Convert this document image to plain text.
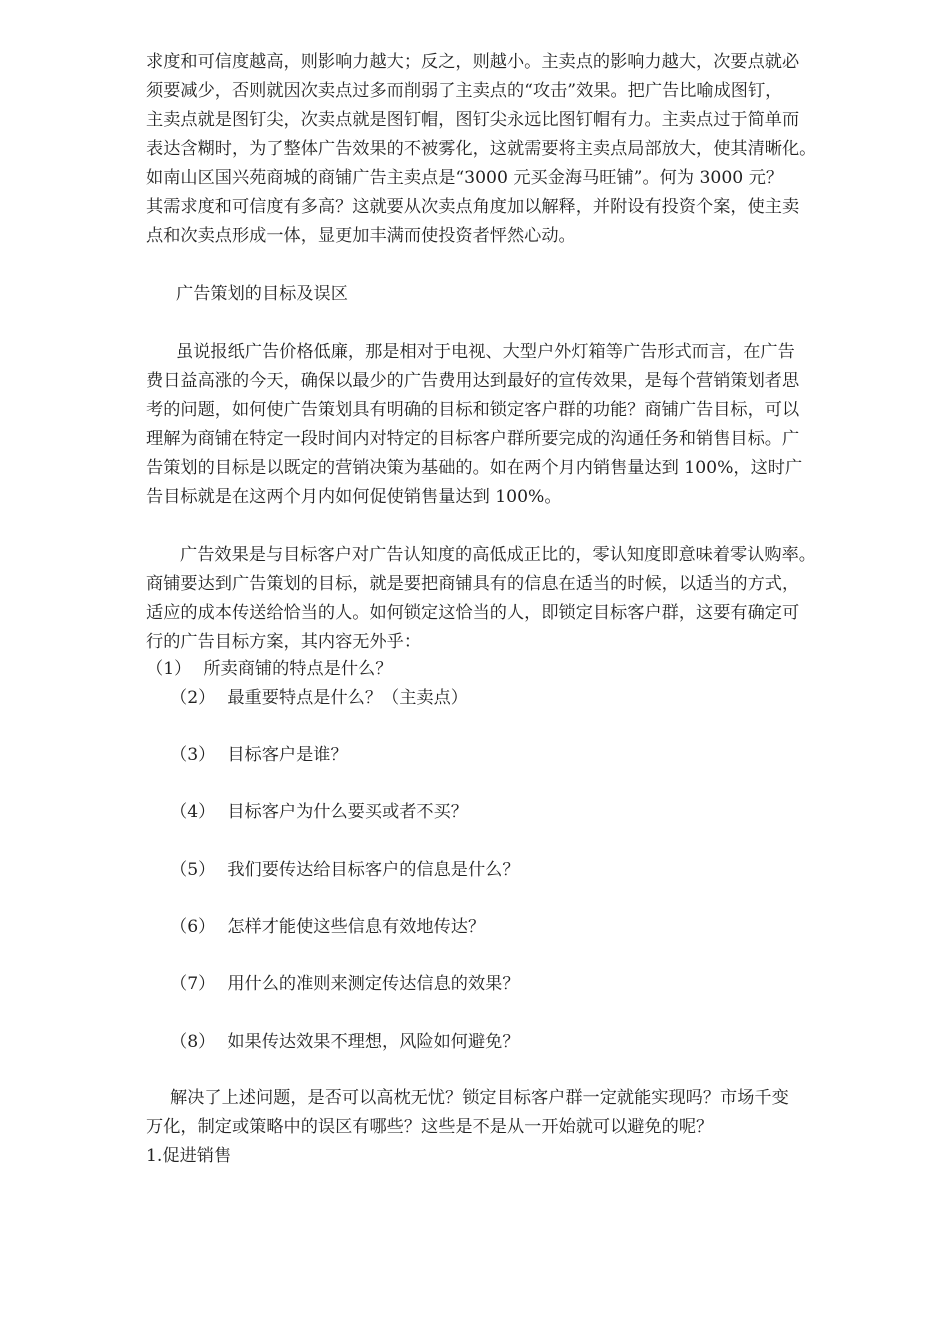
求度和可信度越高，则影响力越大；反之，则越小。主卖点的影响力越大，次要点就必
须要减少，否则就因次卖点过多而削弱了主卖点的“攻击”效果。把广告比喻成图钉，
主卖点就是图钉尖，次卖点就是图钉帽，图钉尖永远比图钉帽有力。主卖点过于简单而
表达含糊时，为了整体广告效果的不被雾化，这就需要将主卖点局部放大，使其清晰化。
如南山区国兴苑商城的商铺广告主卖点是“3000 元买金海马旺铺”。何为 3000 元？
其需求度和可信度有多高？这就要从次卖点角度加以解释，并附设有投资个案，使主卖
点和次卖点形成一体，显更加丰满而使投资者怦然心动。
广告策划的目标及误区
虽说报纸广告价格低廉，那是相对于电视、大型户外灯箱等广告形式而言，在广告
费日益高涨的今天，确保以最少的广告费用达到最好的宣传效果，是每个营销策划者思
考的问题，如何使广告策划具有明确的目标和锁定客户群的功能？商铺广告目标，可以
理解为商铺在特定一段时间内对特定的目标客户群所要完成的沟通任务和销售目标。广
告策划的目标是以既定的营销决策为基础的。如在两个月内销售量达到 100%，这时广
告目标就是在这两个月内如何促使销售量达到 100%。
广告效果是与目标客户对广告认知度的高低成正比的，零认知度即意味着零认购率。
商铺要达到广告策划的目标，就是要把商铺具有的信息在适当的时候，以适当的方式，
适应的成本传送给恰当的人。如何锁定这恰当的人，即锁定目标客户群，这要有确定可
行的广告目标方案，其内容无外乎：
（1） 所卖商铺的特点是什么？
（2） 最重要特点是什么？（主卖点）
（3） 目标客户是谁？
（4） 目标客户为什么要买或者不买？
（5） 我们要传达给目标客户的信息是什么？
（6） 怎样才能使这些信息有效地传达？
（7） 用什么的准则来测定传达信息的效果？
（8） 如果传达效果不理想，风险如何避免？
解决了上述问题，是否可以高枕无忧？锁定目标客户群一定就能实现吗？市场千变
万化，制定或策略中的误区有哪些？这些是不是从一开始就可以避免的呢？
1.促进销售
